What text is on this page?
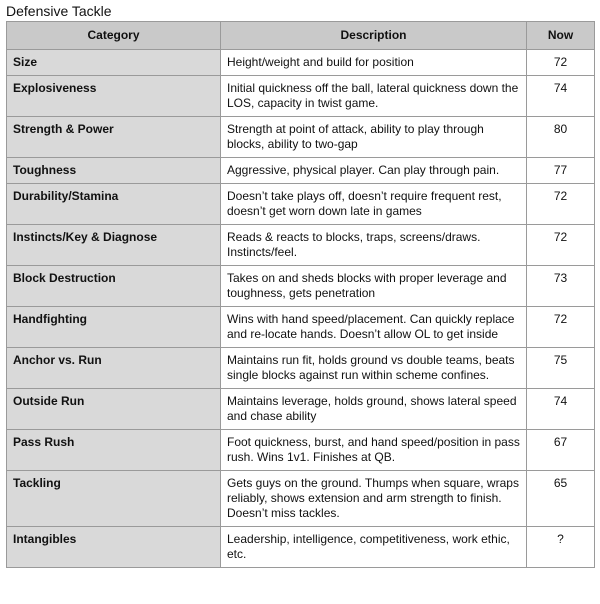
Defensive Tackle
Category	Description	Now
Size	Height/weight and build for position	72
Explosiveness	Initial quickness off the ball, lateral quickness down the LOS, capacity in twist game.	74
Strength & Power	Strength at point of attack, ability to play through blocks, ability to two-gap	80
Toughness	Aggressive, physical player. Can play through pain.	77
Durability/Stamina	Doesn’t take plays off, doesn’t require frequent rest, doesn’t get worn down late in games	72
Instincts/Key & Diagnose	Reads & reacts to blocks, traps, screens/draws. Instincts/feel.	72
Block Destruction	Takes on and sheds blocks with proper leverage and toughness, gets penetration	73
Handfighting	Wins with hand speed/placement. Can quickly replace and re-locate hands. Doesn’t allow OL to get inside	72
Anchor vs. Run	Maintains run fit, holds ground vs double teams, beats single blocks against run within scheme confines.	75
Outside Run	Maintains leverage, holds ground, shows lateral speed and chase ability	74
Pass Rush	Foot quickness, burst, and hand speed/position in pass rush. Wins 1v1. Finishes at QB.	67
Tackling	Gets guys on the ground. Thumps when square, wraps reliably, shows extension and arm strength to finish. Doesn’t miss tackles.	65
Intangibles	Leadership, intelligence, competitiveness, work ethic, etc.	?
